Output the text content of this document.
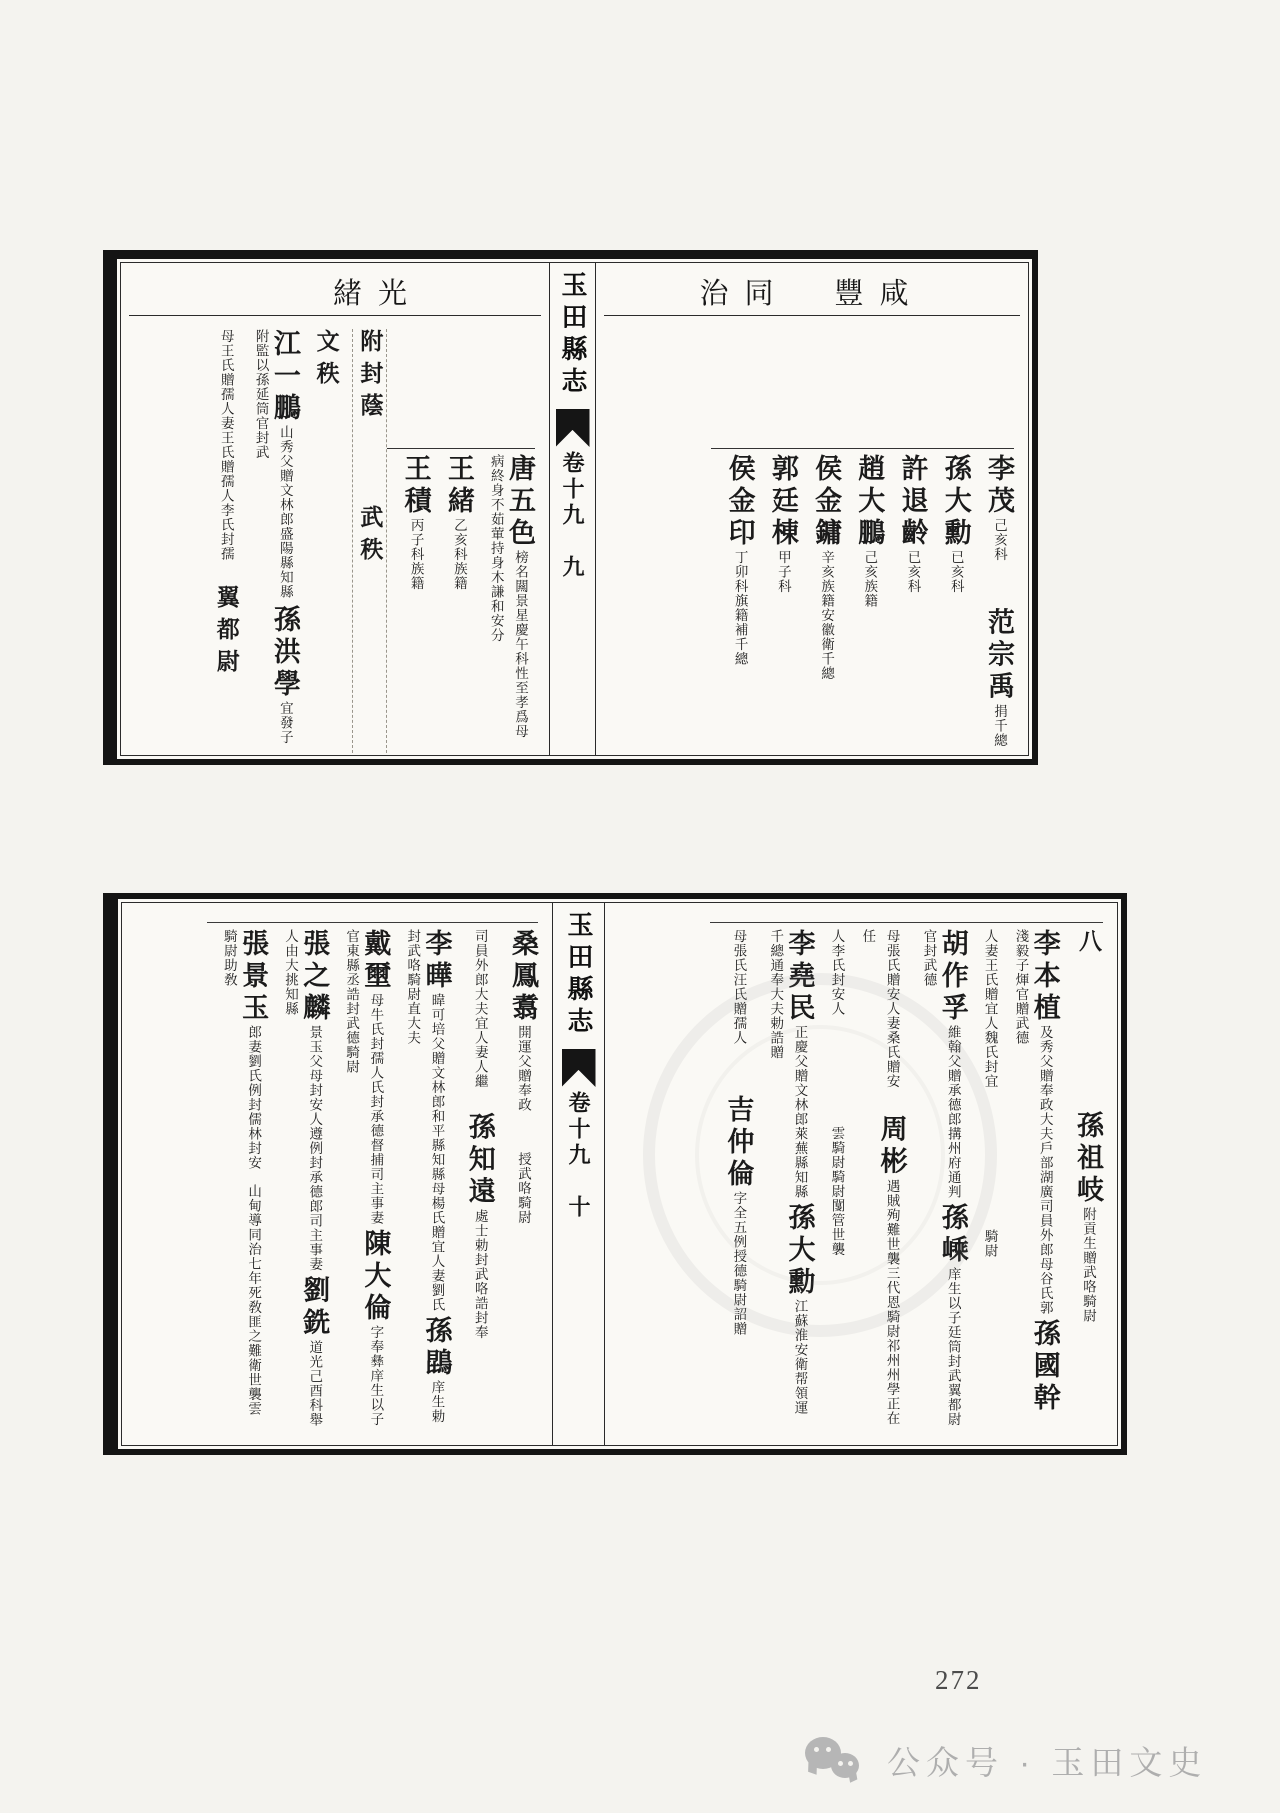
緒光
唐五色榜名闗景星慶午科性至孝爲母病終身不茹葷持身木謙和安分
王緒乙亥科族籍
王積丙子科族籍
附封蔭武秩
文秩
江一鵬山秀父贈文林郎盛陽縣知縣孫洪學宜發子附監以孫延筒官封武
母王氏贈孺人妻王氏贈孺人李氏封孺翼都尉
玉田縣志
卷十九
九
治同　豐咸
李茂己亥科范宗禹捐千總
孫大勳已亥科
許退齡已亥科
趙大鵬己亥族籍
侯金鏞辛亥族籍安徽衛千總
郭廷棟甲子科
侯金印丁卯科旗籍補千總
桑鳳翥開運父贈奉政授武咯騎尉
司員外郎大夫宜人妻人繼孫知遠處士勅封武咯誥封奉
李曄暐可培父贈文林郎和平縣知縣母楊氏贈宜人妻劉氏孫鵾庠生勅封武咯騎尉直大夫
戴壐母牛氏封孺人氏封承德督捕司主事妻陳大倫字奉彝庠生以子官東縣丞誥封武德騎尉
張之麟景玉父母封安人遵例封承德郎司主事妻劉銑道光己酉科舉人由大挑知縣
張景玉郎妻劉氏例封儒林封安山甸導同治七年死敎匪之難衛世襲雲騎尉助敎	玉田縣志
卷十九
十
八孫祖岐附貢生贈武咯騎尉
李本植及秀父贈奉政大夫戶部湖廣司員外郎母谷氏郭孫國幹淺毅子煇官贈武德
人妻王氏贈宜人魏氏封宜騎尉
胡作孚維翰父贈承德郎搆州府通判孫嵊庠生以子廷筒封武翼都尉官封武德
母張氏贈安人妻桑氏贈安周彬遇賊殉難世襲三代恩騎尉祁州州學正在任
人李氏封安人雲騎尉騎尉闅管世襲
李堯民正慶父贈文林郎萊蕪縣知縣孫大勳江蘇淮安衛帮領運千總通奉大夫勅誥贈
母張氏汪氏贈孺人吉仲倫字全五例授德騎尉詔贈
272
公众号 · 玉田文史
